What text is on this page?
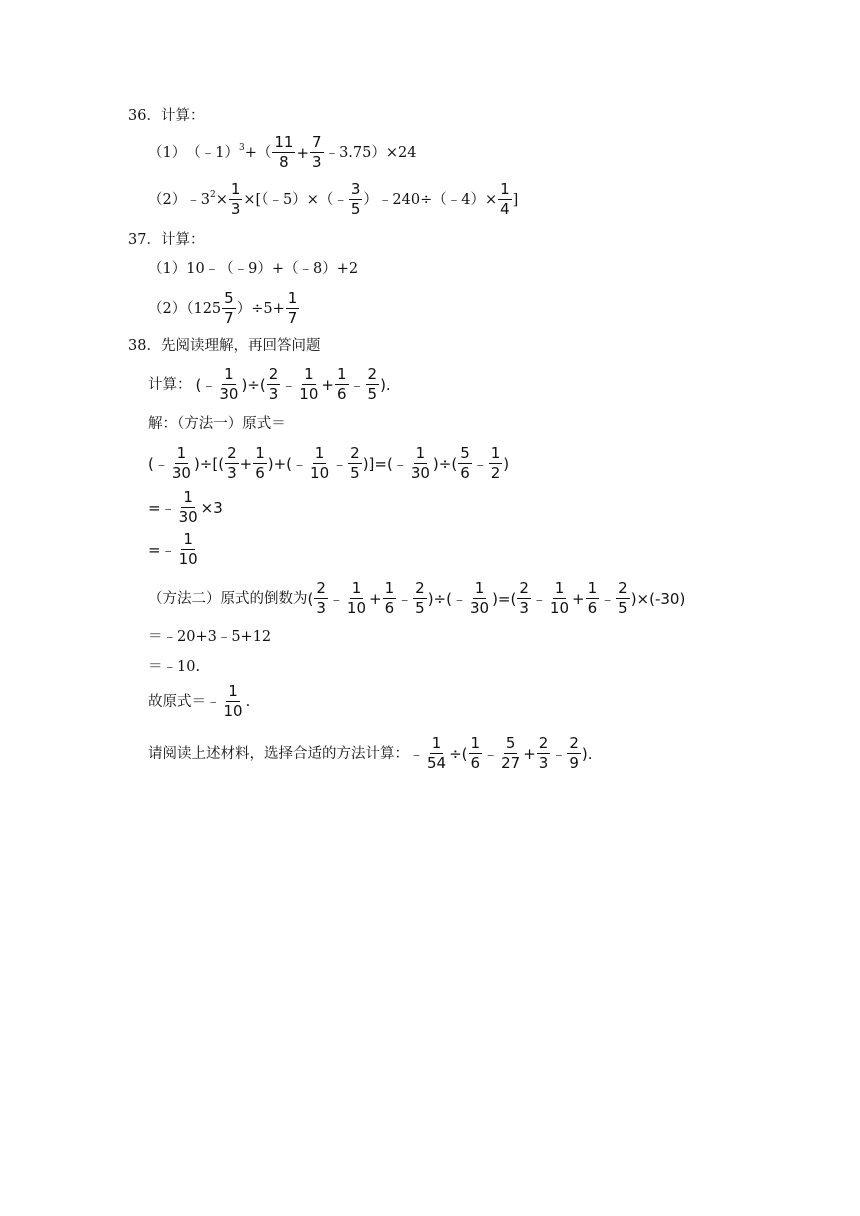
36．计算：
（1） （﹣1）$^3$ +（ $\frac{11}{8} + \frac{7}{3}$ ﹣3.75）×24
（2） $﹣3^2 \times \frac{1}{3}$ ×[（﹣5）×（﹣ $\frac{3}{5}$ ）﹣240÷（﹣4）× $\frac{1}{4}$ ]
37．计算：
（1）10﹣（﹣9）+（﹣8）+2
$(2)(125 \frac{5}{7} )\div 5+ \frac{1}{7}$
38．先阅读理解，再回答问题
计算： (﹣ $\frac{1}{30}$ )÷( $\frac{2}{3}$ ﹣ $\frac{1}{10} + \frac{1}{6}$ ﹣ $\frac{2}{5}$ ).
解：（方法一）原式＝
(﹣ $\frac{1}{30}$ )÷[( $\frac{2}{3} + \frac{1}{6}$ )+(﹣ $\frac{1}{10}$ ﹣ $\frac{2}{5}$ )]=(﹣ $\frac{1}{30}$ )÷( $\frac{5}{6}$ ﹣ $\frac{1}{2}$ )
=﹣ $\frac{1}{30} \times 3$
=﹣ $\frac{1}{10}$
（方法二）原式的倒数为 ( $\frac{2}{3}$ ﹣ $\frac{1}{10} + \frac{1}{6}$ ﹣ $\frac{2}{5}$ )÷(﹣ $\frac{1}{30}$ )=( $\frac{2}{3}$ ﹣ $\frac{1}{10} + \frac{1}{6}$ ﹣ $\frac{2}{5} )\times(-30)$
＝﹣20+3﹣5+12
＝﹣10.
故原式＝﹣ $\frac{1}{10}$ .
请阅读上述材料，选择合适的方法计算： ﹣ $\frac{1}{54}$ ÷( $\frac{1}{6}$ ﹣ $\frac{5}{27} + \frac{2}{3}$ ﹣ $\frac{2}{9}$ ).
